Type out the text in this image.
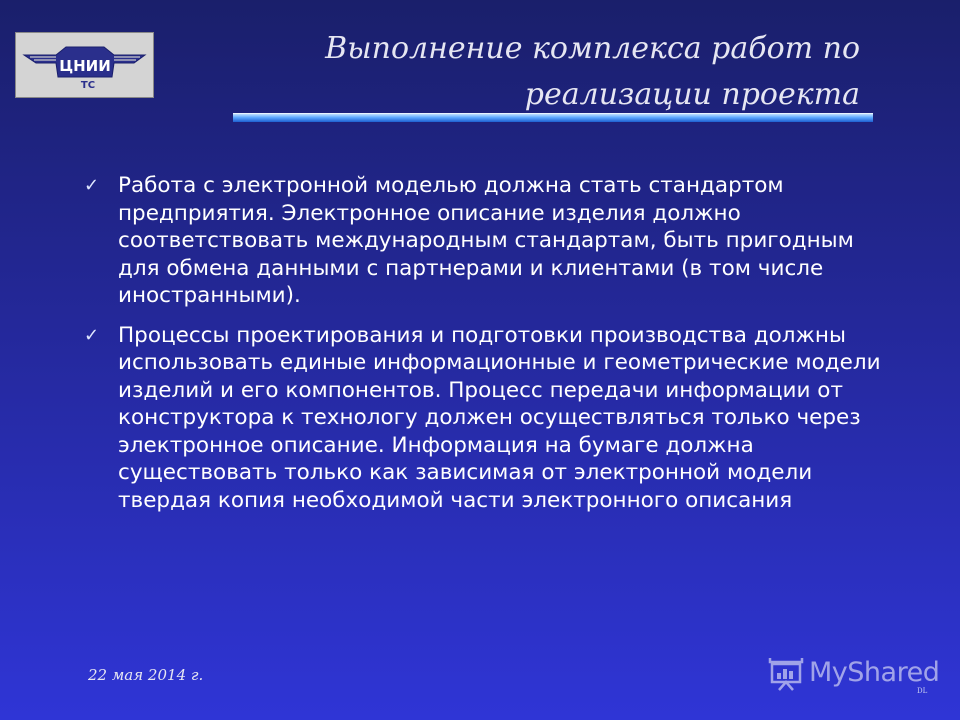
ЦНИИ
ТС
Выполнение комплекса работ по реализации проекта
✓ Работа с электронной моделью должна стать стандартом предприятия. Электронное описание изделия должно соответствовать международным стандартам, быть пригодным для обмена данными с партнерами и клиентами (в том числе иностранными).
✓ Процессы проектирования и подготовки производства должны использовать единые информационные и геометрические модели изделий и его компонентов. Процесс передачи информации от конструктора к технологу должен осуществляться только через электронное описание. Информация на бумаге должна существовать только как зависимая от электронной модели твердая копия необходимой части электронного описания
22 мая 2014 г.	MyShared
DL
